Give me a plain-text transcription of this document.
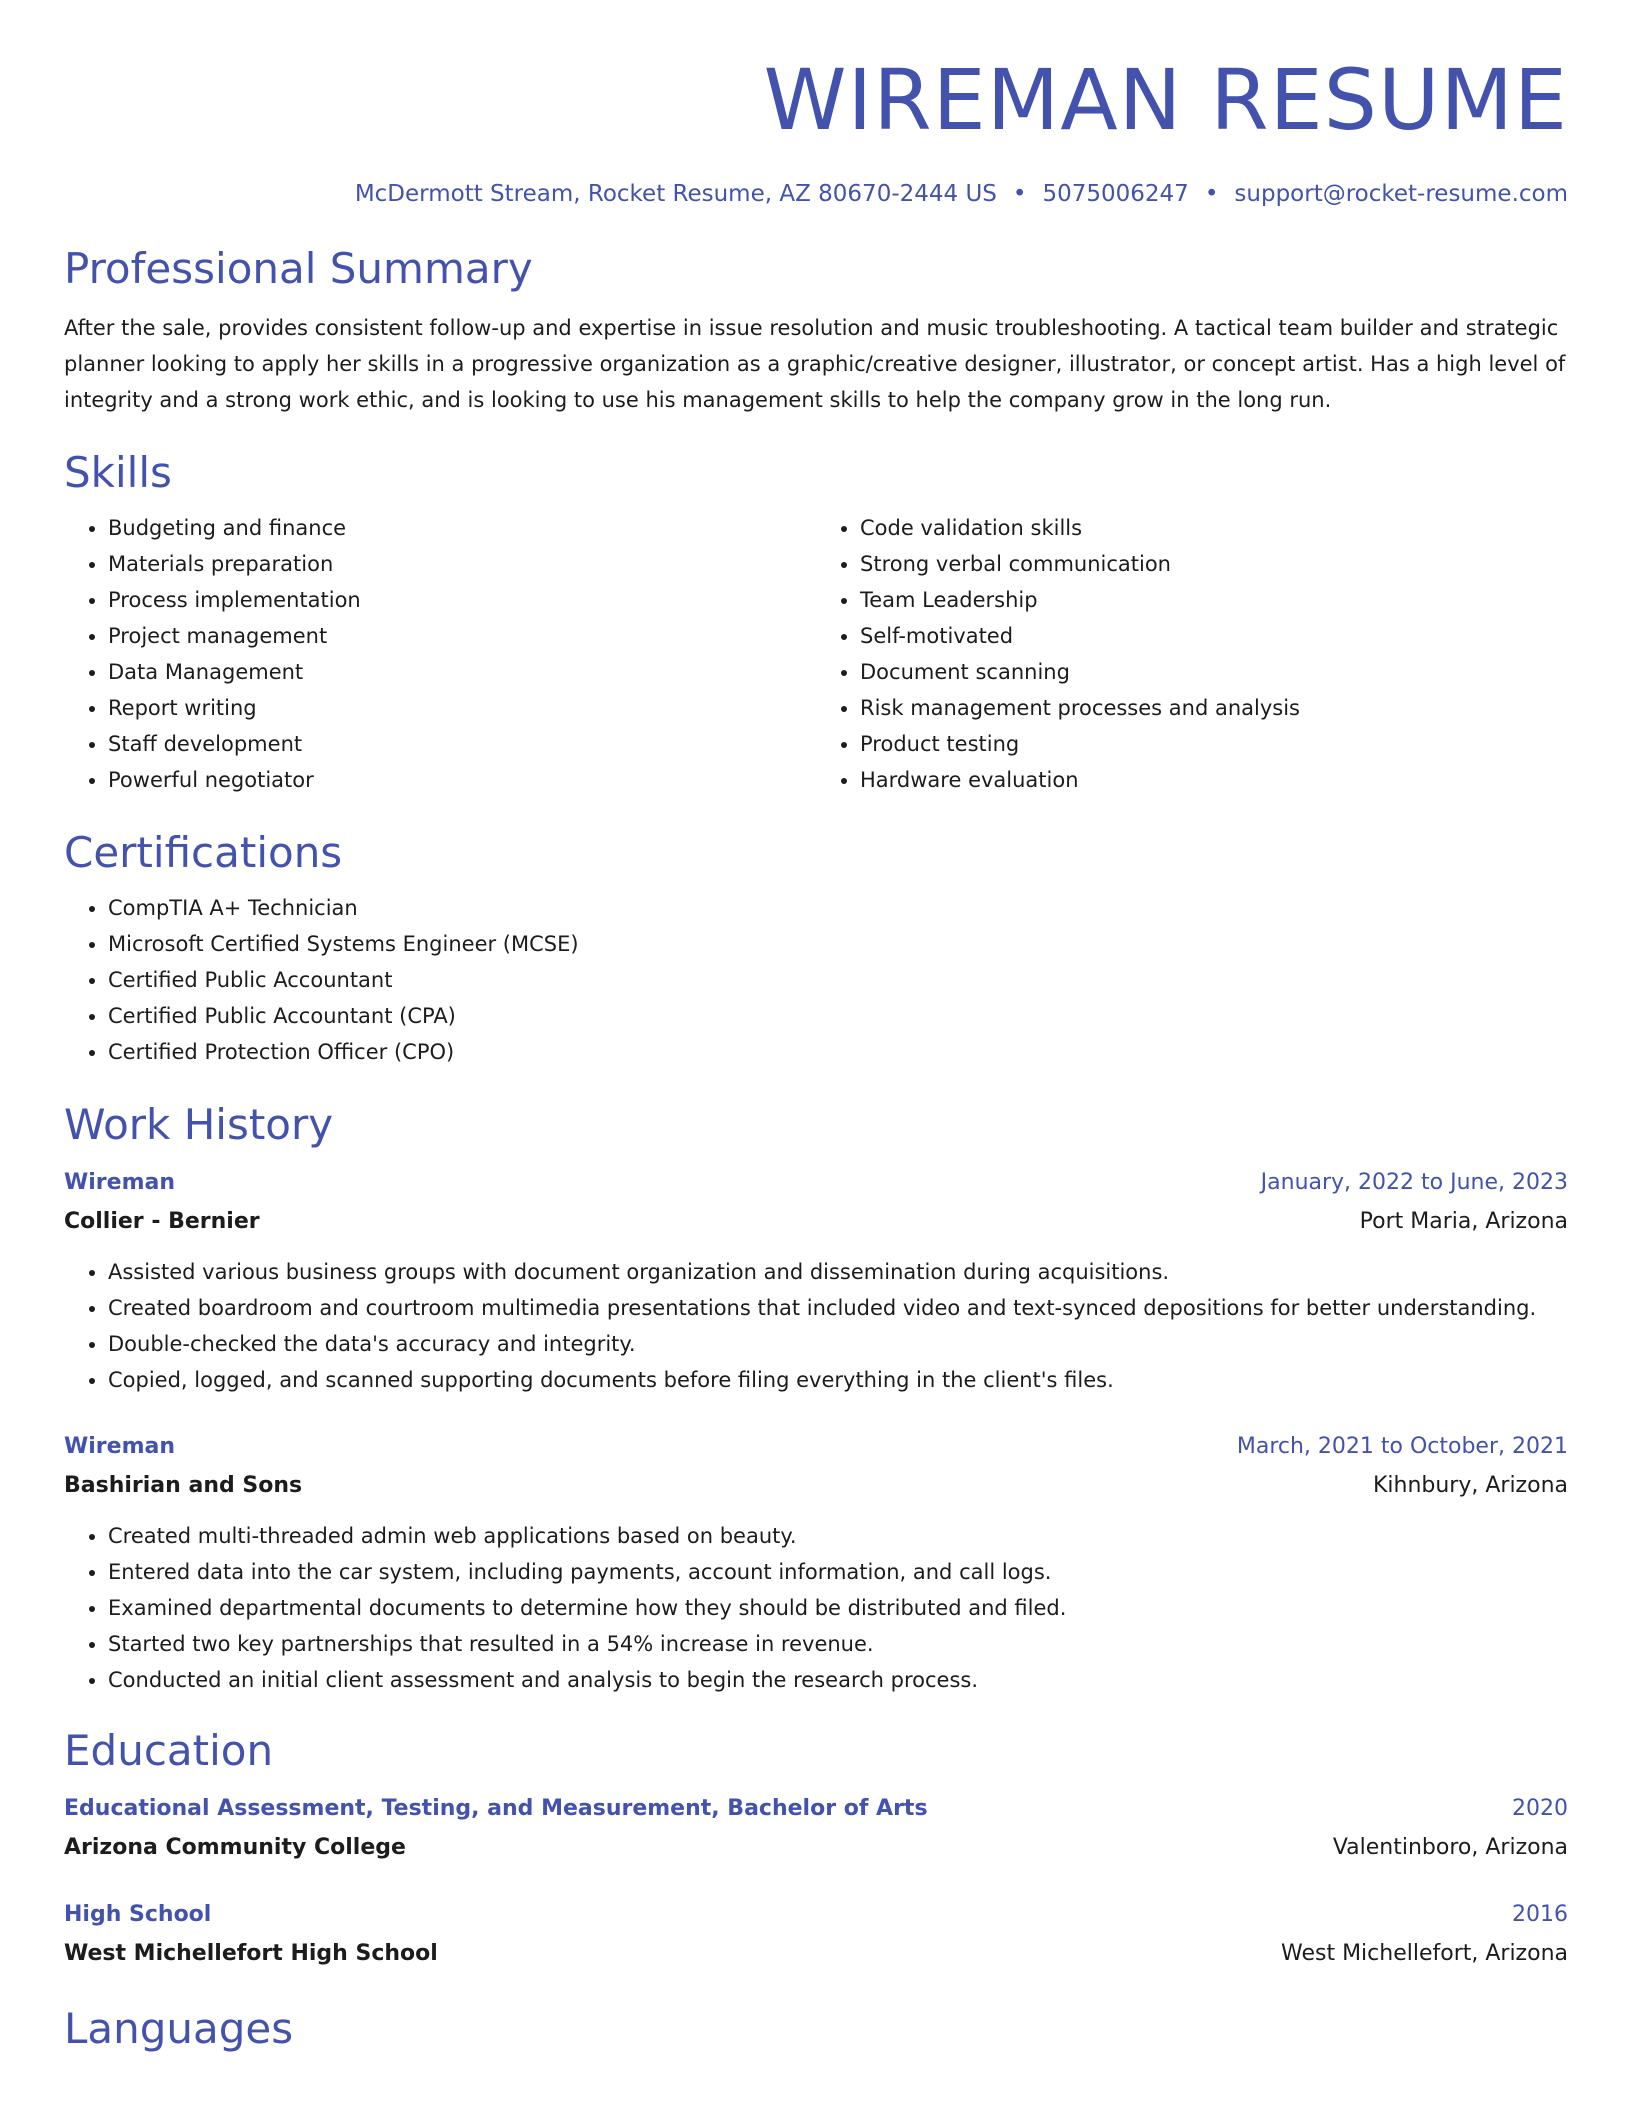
WIREMAN RESUME
McDermott Stream, Rocket Resume, AZ 80670-2444 US • 5075006247 • support@rocket-resume.com
Professional Summary

After the sale, provides consistent follow-up and expertise in issue resolution and music troubleshooting. A tactical team builder and strategic planner looking to apply her skills in a progressive organization as a graphic/creative designer, illustrator, or concept artist. Has a high level of integrity and a strong work ethic, and is looking to use his management skills to help the company grow in the long run.

Skills
• Budgeting and finance
• Materials preparation
• Process implementation
• Project management
• Data Management
• Report writing
• Staff development
• Powerful negotiator
• Code validation skills
• Strong verbal communication
• Team Leadership
• Self-motivated
• Document scanning
• Risk management processes and analysis
• Product testing
• Hardware evaluation
Certifications
• CompTIA A+ Technician
• Microsoft Certified Systems Engineer (MCSE)
• Certified Public Accountant
• Certified Public Accountant (CPA)
• Certified Protection Officer (CPO)
Work History
Wireman	January, 2022 to June, 2023
Collier - Bernier	Port Maria, Arizona
• Assisted various business groups with document organization and dissemination during acquisitions.
• Created boardroom and courtroom multimedia presentations that included video and text-synced depositions for better understanding.
• Double-checked the data's accuracy and integrity.
• Copied, logged, and scanned supporting documents before filing everything in the client's files.
Wireman	March, 2021 to October, 2021
Bashirian and Sons	Kihnbury, Arizona
• Created multi-threaded admin web applications based on beauty.
• Entered data into the car system, including payments, account information, and call logs.
• Examined departmental documents to determine how they should be distributed and filed.
• Started two key partnerships that resulted in a 54% increase in revenue.
• Conducted an initial client assessment and analysis to begin the research process.
Education
Educational Assessment, Testing, and Measurement, Bachelor of Arts	2020
Arizona Community College	Valentinboro, Arizona
High School	2016
West Michellefort High School	West Michellefort, Arizona
Languages
